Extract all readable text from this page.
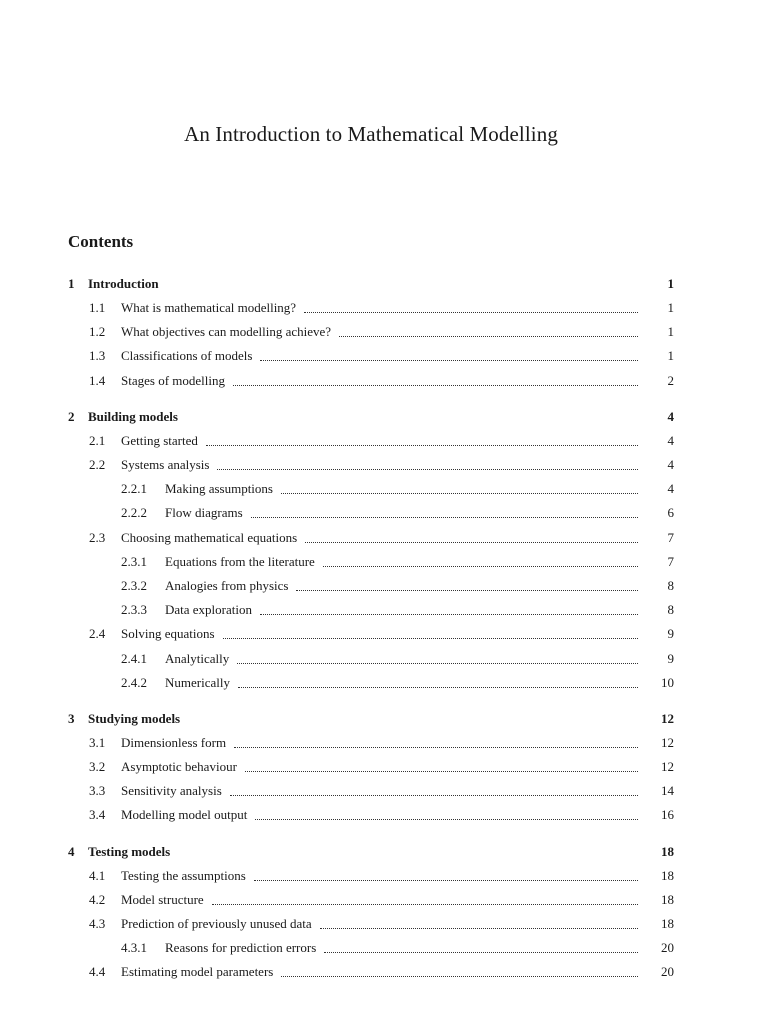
An Introduction to Mathematical Modelling
Contents
1	Introduction	1
1.1	What is mathematical modelling?	1
1.2	What objectives can modelling achieve?	1
1.3	Classifications of models	1
1.4	Stages of modelling	2
2	Building models	4
2.1	Getting started	4
2.2	Systems analysis	4
2.2.1	Making assumptions	4
2.2.2	Flow diagrams	6
2.3	Choosing mathematical equations	7
2.3.1	Equations from the literature	7
2.3.2	Analogies from physics	8
2.3.3	Data exploration	8
2.4	Solving equations	9
2.4.1	Analytically	9
2.4.2	Numerically	10
3	Studying models	12
3.1	Dimensionless form	12
3.2	Asymptotic behaviour	12
3.3	Sensitivity analysis	14
3.4	Modelling model output	16
4	Testing models	18
4.1	Testing the assumptions	18
4.2	Model structure	18
4.3	Prediction of previously unused data	18
4.3.1	Reasons for prediction errors	20
4.4	Estimating model parameters	20
